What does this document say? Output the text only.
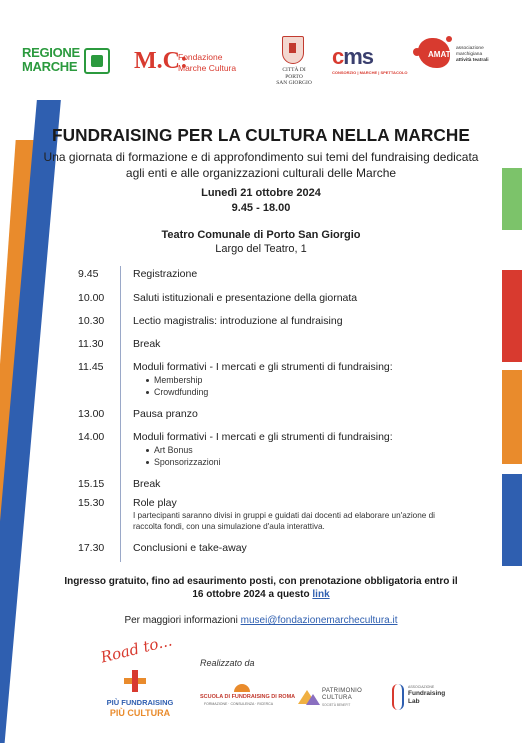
REGIONE
MARCHE	M.C:
Fondazione
Marche Cultura	CITTÀ DI
PORTO
SAN GIORGIO
cms
CONSORZIO | MARCHE | SPETTACOLO
AMAT
associazione
marchigiana
attività teatrali
FUNDRAISING PER LA CULTURA NELLA MARCHE
Una giornata di formazione e di approfondimento sui temi del fundraising dedicata agli enti e alle organizzazioni culturali delle Marche
Lunedì 21 ottobre 2024
9.45 - 18.00
Teatro Comunale di Porto San Giorgio
Largo del Teatro, 1
9.45	Registrazione
10.00	Saluti istituzionali e presentazione della giornata
10.30	Lectio magistralis: introduzione al fundraising
11.30	Break
11.45	Moduli formativi - I mercati e gli strumenti di fundraising:
Membership
Crowdfunding
13.00	Pausa pranzo
14.00	Moduli formativi - I mercati e gli strumenti di fundraising:
Art Bonus
Sponsorizzazioni
15.15	Break
15.30	Role play
I partecipanti saranno divisi in gruppi e guidati dai docenti ad elaborare un'azione di raccolta fondi, con una simulazione d'aula interattiva.
17.30	Conclusioni e take-away
Ingresso gratuito, fino ad esaurimento posti, con prenotazione obbligatoria entro il 16 ottobre 2024 a questo link
Per maggiori informazioni musei@fondazionemarchecultura.it
Road to...
PIÙ FUNDRAISING
PIÙ CULTURA
Realizzato da
SCUOLA DI FUNDRAISING DI ROMA
FORMAZIONE · CONSULENZA · RICERCA
PATRIMONIO
CULTURA
SOCIETÀ BENEFIT
ASSOCIAZIONE
Fundraising
Lab
